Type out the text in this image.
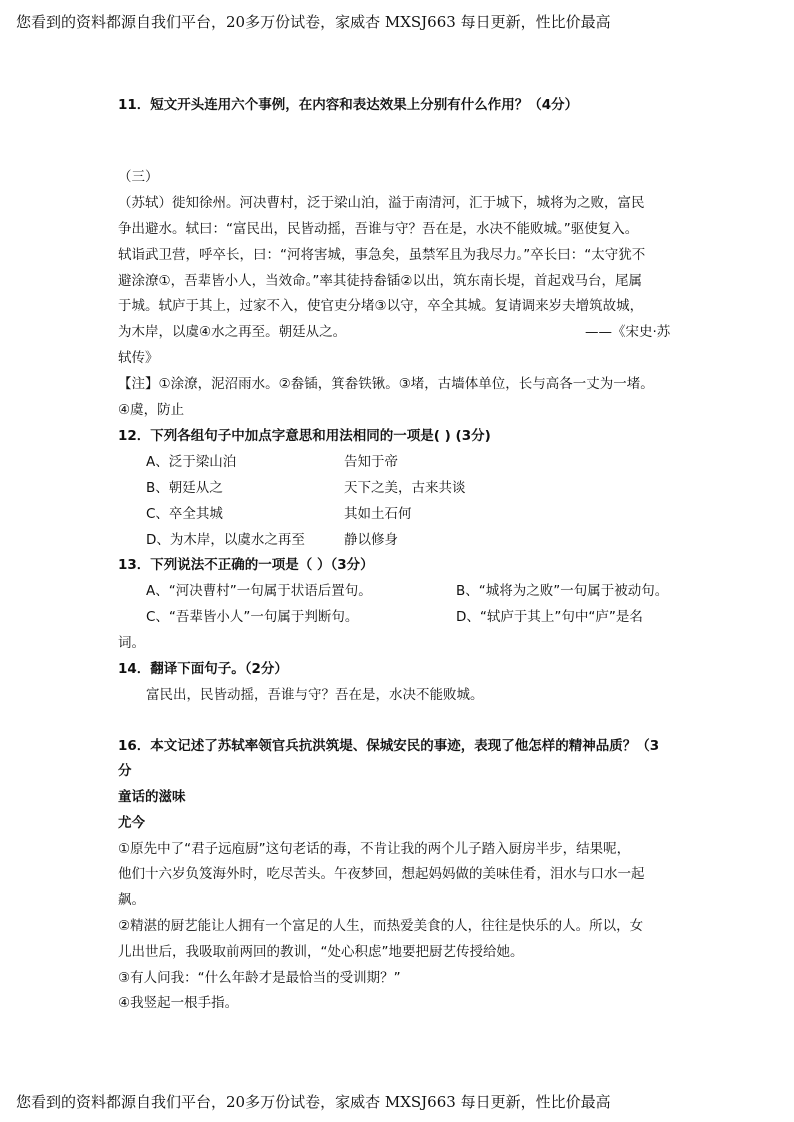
您看到的资料都源自我们平台，20多万份试卷，家威杏 MXSJ663 每日更新，性比价最高
11．短文开头连用六个事例，在内容和表达效果上分别有什么作用？（4分）
（三）
（苏轼）徙知徐州。河决曹村，泛于梁山泊，溢于南清河，汇于城下，城将为之败，富民
争出避水。轼曰：“富民出，民皆动摇，吾谁与守？吾在是，水决不能败城。”驱使复入。
轼诣武卫营，呼卒长，曰：“河将害城，事急矣，虽禁军且为我尽力。”卒长曰：“太守犹不
避涂潦①，吾辈皆小人，当效命。”率其徒持畚锸②以出，筑东南长堤，首起戏马台，尾属
于城。轼庐于其上，过家不入，使官吏分堵③以守，卒全其城。复请调来岁夫增筑故城，
为木岸，以虞④水之再至。朝廷从之。	——《宋史·苏
轼传》
【注】①涂潦，泥沼雨水。②畚锸，箕畚铁锹。③堵，古墙体单位，长与高各一丈为一堵。
④虞，防止
12．下列各组句子中加点字意思和用法相同的一项是( ) (3分)
A、泛于梁山泊	告知于帝
B、朝廷从之	天下之美，古来共谈
C、卒全其城	其如土石何
D、为木岸，以虞水之再至	静以修身
13．下列说法不正确的一项是（ ）（3分）
A、“河决曹村”一句属于状语后置句。	B、“城将为之败”一句属于被动句。
C、“吾辈皆小人”一句属于判断句。	D、“轼庐于其上”句中“庐”是名
词。
14．翻译下面句子。（2分）
富民出，民皆动摇，吾谁与守？吾在是，水决不能败城。
16．本文记述了苏轼率领官兵抗洪筑堤、保城安民的事迹，表现了他怎样的精神品质？（3
分
童话的滋味
尤今
①原先中了“君子远庖厨”这句老话的毒，不肯让我的两个儿子踏入厨房半步，结果呢，
他们十六岁负笈海外时，吃尽苦头。午夜梦回，想起妈妈做的美味佳肴，泪水与口水一起
飙。
②精湛的厨艺能让人拥有一个富足的人生，而热爱美食的人，往往是快乐的人。所以，女
儿出世后，我吸取前两回的教训，“处心积虑”地要把厨艺传授给她。
③有人问我：“什么年龄才是最恰当的受训期？”
④我竖起一根手指。
您看到的资料都源自我们平台，20多万份试卷，家威杏 MXSJ663 每日更新，性比价最高
